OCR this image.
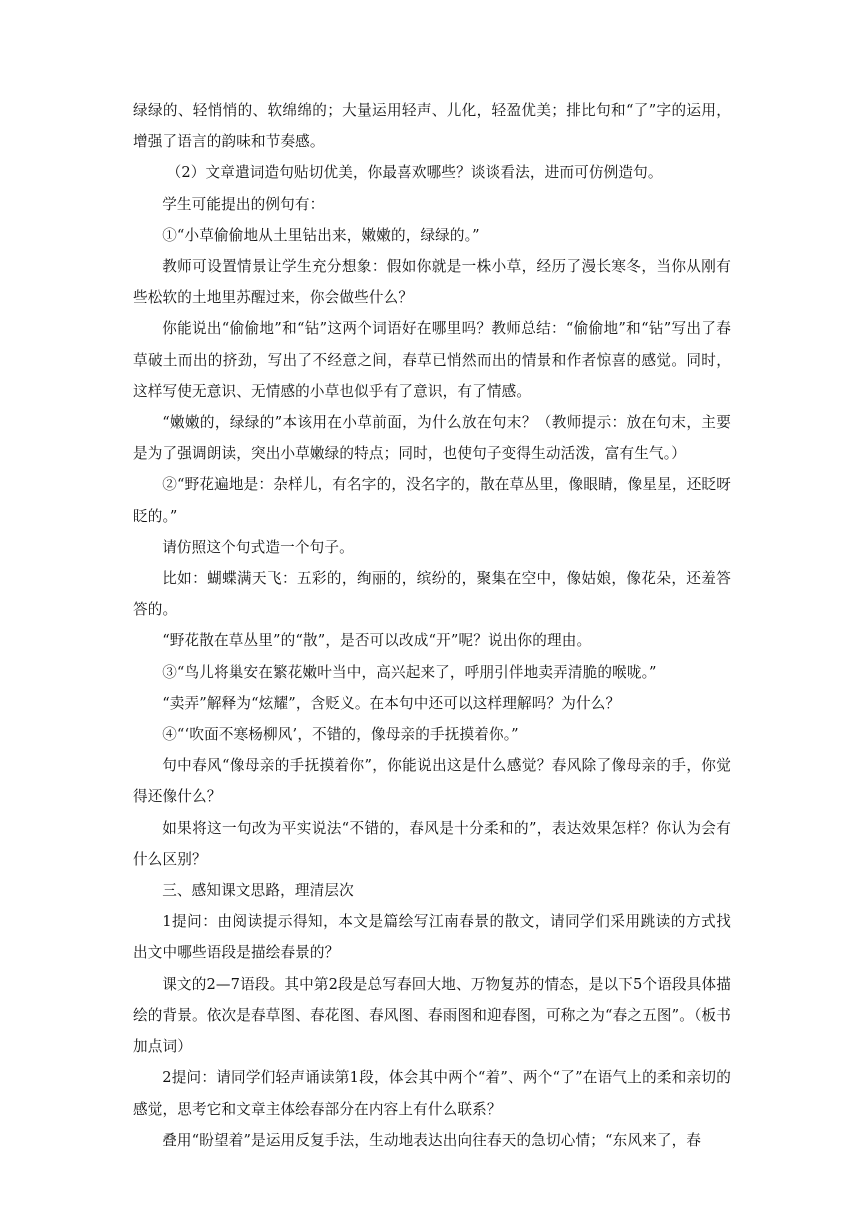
绿绿的、轻悄悄的、软绵绵的；大量运用轻声、儿化，轻盈优美；排比句和“了”字的运用，增强了语言的韵味和节奏感。

（2）文章遣词造句贴切优美，你最喜欢哪些？谈谈看法，进而可仿例造句。

学生可能提出的例句有：

①“小草偷偷地从土里钻出来，嫩嫩的，绿绿的。”

教师可设置情景让学生充分想象：假如你就是一株小草，经历了漫长寒冬，当你从刚有些松软的土地里苏醒过来，你会做些什么？

你能说出“偷偷地”和“钻”这两个词语好在哪里吗？教师总结：“偷偷地”和“钻”写出了春草破土而出的挤劲，写出了不经意之间，春草已悄然而出的情景和作者惊喜的感觉。同时，这样写使无意识、无情感的小草也似乎有了意识，有了情感。

“嫩嫩的，绿绿的”本该用在小草前面，为什么放在句末？（教师提示：放在句末，主要是为了强调朗读，突出小草嫩绿的特点；同时，也使句子变得生动活泼，富有生气。）

②“野花遍地是：杂样儿，有名字的，没名字的，散在草丛里，像眼睛，像星星，还眨呀眨的。”

请仿照这个句式造一个句子。

比如：蝴蝶满天飞：五彩的，绚丽的，缤纷的，聚集在空中，像姑娘，像花朵，还羞答答的。

“野花散在草丛里”的“散”，是否可以改成“开”呢？说出你的理由。

③“鸟儿将巢安在繁花嫩叶当中，高兴起来了，呼朋引伴地卖弄清脆的喉咙。”

“卖弄”解释为“炫耀”，含贬义。在本句中还可以这样理解吗？为什么？

④“‘吹面不寒杨柳风’，不错的，像母亲的手抚摸着你。”

句中春风“像母亲的手抚摸着你”，你能说出这是什么感觉？春风除了像母亲的手，你觉得还像什么？

如果将这一句改为平实说法“不错的，春风是十分柔和的”，表达效果怎样？你认为会有什么区别？

三、感知课文思路，理清层次

1提问：由阅读提示得知，本文是篇绘写江南春景的散文，请同学们采用跳读的方式找出文中哪些语段是描绘春景的？

课文的2—7语段。其中第2段是总写春回大地、万物复苏的情态，是以下5个语段具体描绘的背景。依次是春草图、春花图、春风图、春雨图和迎春图，可称之为“春之五图”。（板书加点词）

2提问：请同学们轻声诵读第1段，体会其中两个“着”、两个“了”在语气上的柔和亲切的感觉，思考它和文章主体绘春部分在内容上有什么联系？

叠用“盼望着”是运用反复手法，生动地表达出向往春天的急切心情；“东风来了，春
